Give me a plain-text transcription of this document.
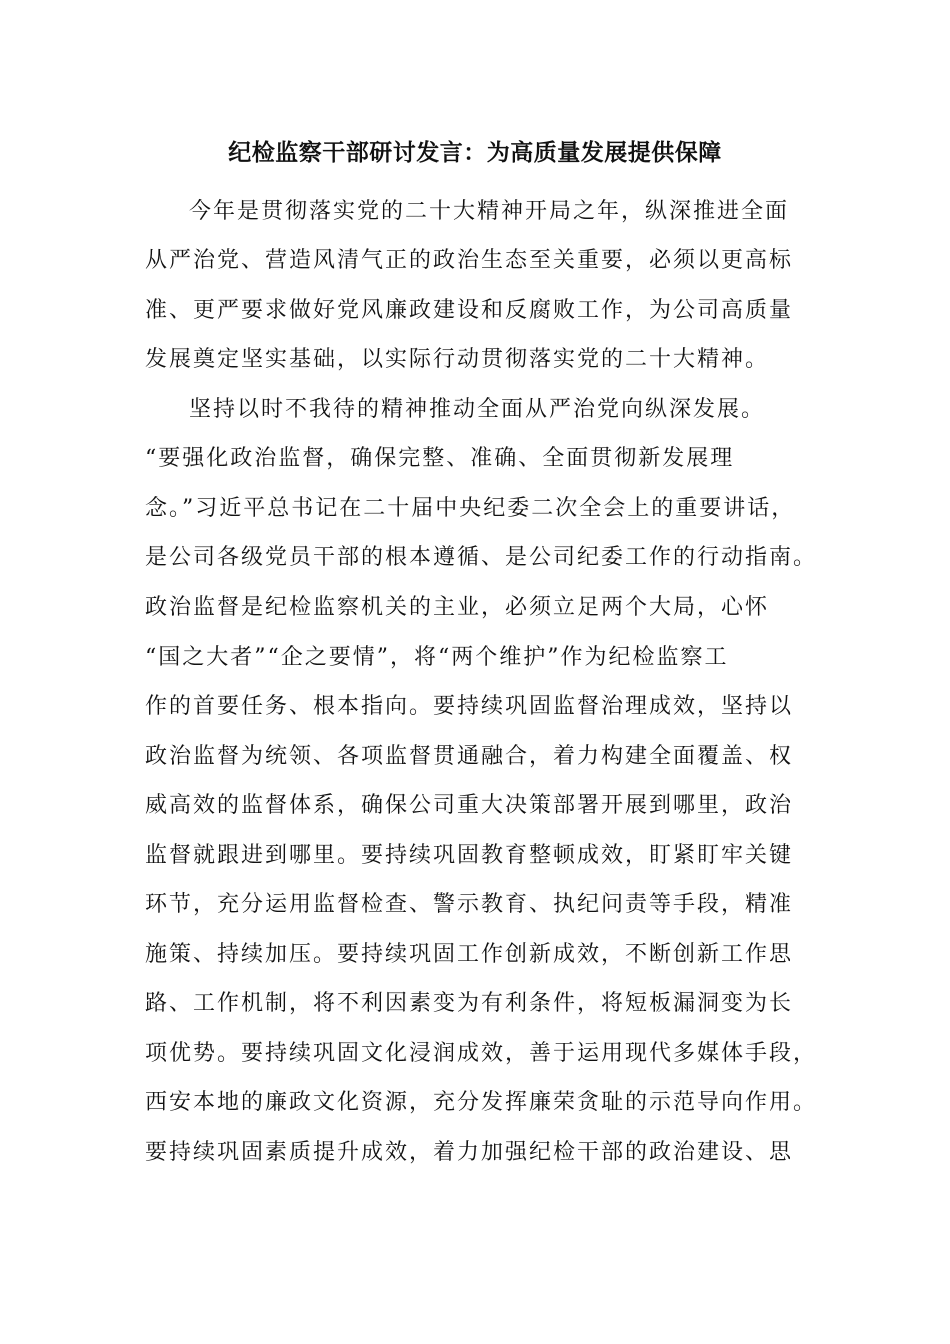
纪检监察干部研讨发言：为高质量发展提供保障
今年是贯彻落实党的二十大精神开局之年，纵深推进全面
从严治党、营造风清气正的政治生态至关重要，必须以更高标
准、更严要求做好党风廉政建设和反腐败工作，为公司高质量
发展奠定坚实基础，以实际行动贯彻落实党的二十大精神。
坚持以时不我待的精神推动全面从严治党向纵深发展。
“要强化政治监督，确保完整、准确、全面贯彻新发展理
念。”习近平总书记在二十届中央纪委二次全会上的重要讲话，
是公司各级党员干部的根本遵循、是公司纪委工作的行动指南。
政治监督是纪检监察机关的主业，必须立足两个大局，心怀
“国之大者”“企之要情”，将“两个维护”作为纪检监察工
作的首要任务、根本指向。要持续巩固监督治理成效，坚持以
政治监督为统领、各项监督贯通融合，着力构建全面覆盖、权
威高效的监督体系，确保公司重大决策部署开展到哪里，政治
监督就跟进到哪里。要持续巩固教育整顿成效，盯紧盯牢关键
环节，充分运用监督检查、警示教育、执纪问责等手段，精准
施策、持续加压。要持续巩固工作创新成效，不断创新工作思
路、工作机制，将不利因素变为有利条件，将短板漏洞变为长
项优势。要持续巩固文化浸润成效，善于运用现代多媒体手段，
西安本地的廉政文化资源，充分发挥廉荣贪耻的示范导向作用。
要持续巩固素质提升成效，着力加强纪检干部的政治建设、思
